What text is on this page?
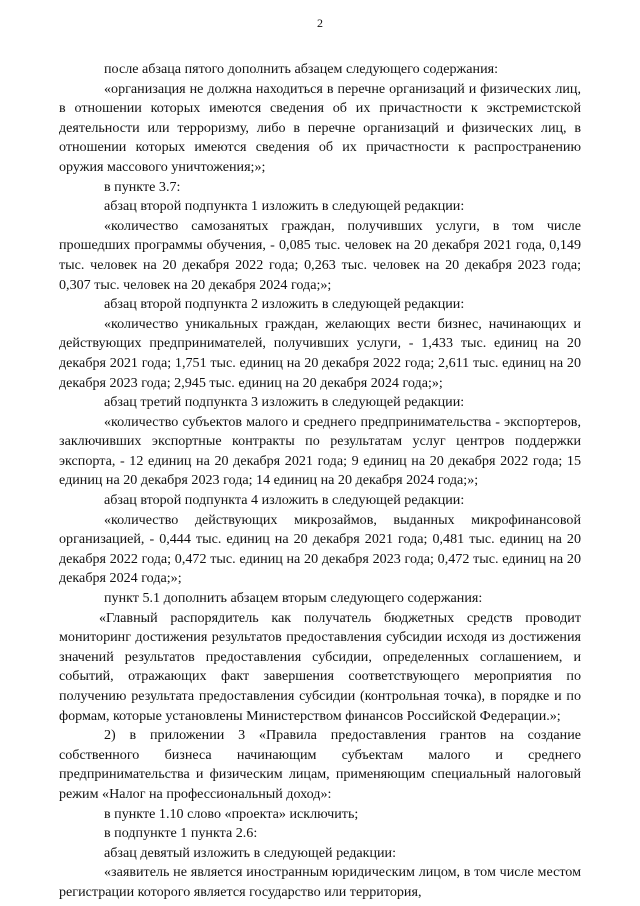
2

после абзаца пятого дополнить абзацем следующего содержания:

«организация не должна находиться в перечне организаций и физических лиц, в отношении которых имеются сведения об их причастности к экстремистской деятельности или терроризму, либо в перечне организаций и физических лиц, в отношении которых имеются сведения об их причастности к распространению оружия массового уничтожения;»;

в пункте 3.7:

абзац второй подпункта 1 изложить в следующей редакции:

«количество самозанятых граждан, получивших услуги, в том числе прошедших программы обучения, - 0,085 тыс. человек на 20 декабря 2021 года, 0,149 тыс. человек на 20 декабря 2022 года; 0,263 тыс. человек на 20 декабря 2023 года; 0,307 тыс. человек на 20 декабря 2024 года;»;

абзац второй подпункта 2 изложить в следующей редакции:

«количество уникальных граждан, желающих вести бизнес, начинающих и действующих предпринимателей, получивших услуги, - 1,433 тыс. единиц на 20 декабря 2021 года; 1,751 тыс. единиц на 20 декабря 2022 года; 2,611 тыс. единиц на 20 декабря 2023 года; 2,945 тыс. единиц на 20 декабря 2024 года;»;

абзац третий подпункта 3 изложить в следующей редакции:

«количество субъектов малого и среднего предпринимательства - экспортеров, заключивших экспортные контракты по результатам услуг центров поддержки экспорта, - 12 единиц на 20 декабря 2021 года; 9 единиц на 20 декабря 2022 года; 15 единиц на 20 декабря 2023 года; 14 единиц на 20 декабря 2024 года;»;

абзац второй подпункта 4 изложить в следующей редакции:

«количество действующих микрозаймов, выданных микрофинансовой организацией, - 0,444 тыс. единиц на 20 декабря 2021 года; 0,481 тыс. единиц на 20 декабря 2022 года; 0,472 тыс. единиц на 20 декабря 2023 года; 0,472 тыс. единиц на 20 декабря 2024 года;»;

пункт 5.1 дополнить абзацем вторым следующего содержания:

«Главный распорядитель как получатель бюджетных средств проводит мониторинг достижения результатов предоставления субсидии исходя из достижения значений результатов предоставления субсидии, определенных соглашением, и событий, отражающих факт завершения соответствующего мероприятия по получению результата предоставления субсидии (контрольная точка), в порядке и по формам, которые установлены Министерством финансов Российской Федерации.»;

2) в приложении 3 «Правила предоставления грантов на создание собственного бизнеса начинающим субъектам малого и среднего предпринимательства и физическим лицам, применяющим специальный налоговый режим «Налог на профессиональный доход»:

в пункте 1.10 слово «проекта» исключить;

в подпункте 1 пункта 2.6:

абзац девятый изложить в следующей редакции:

«заявитель не является иностранным юридическим лицом, в том числе местом регистрации которого является государство или территория,
